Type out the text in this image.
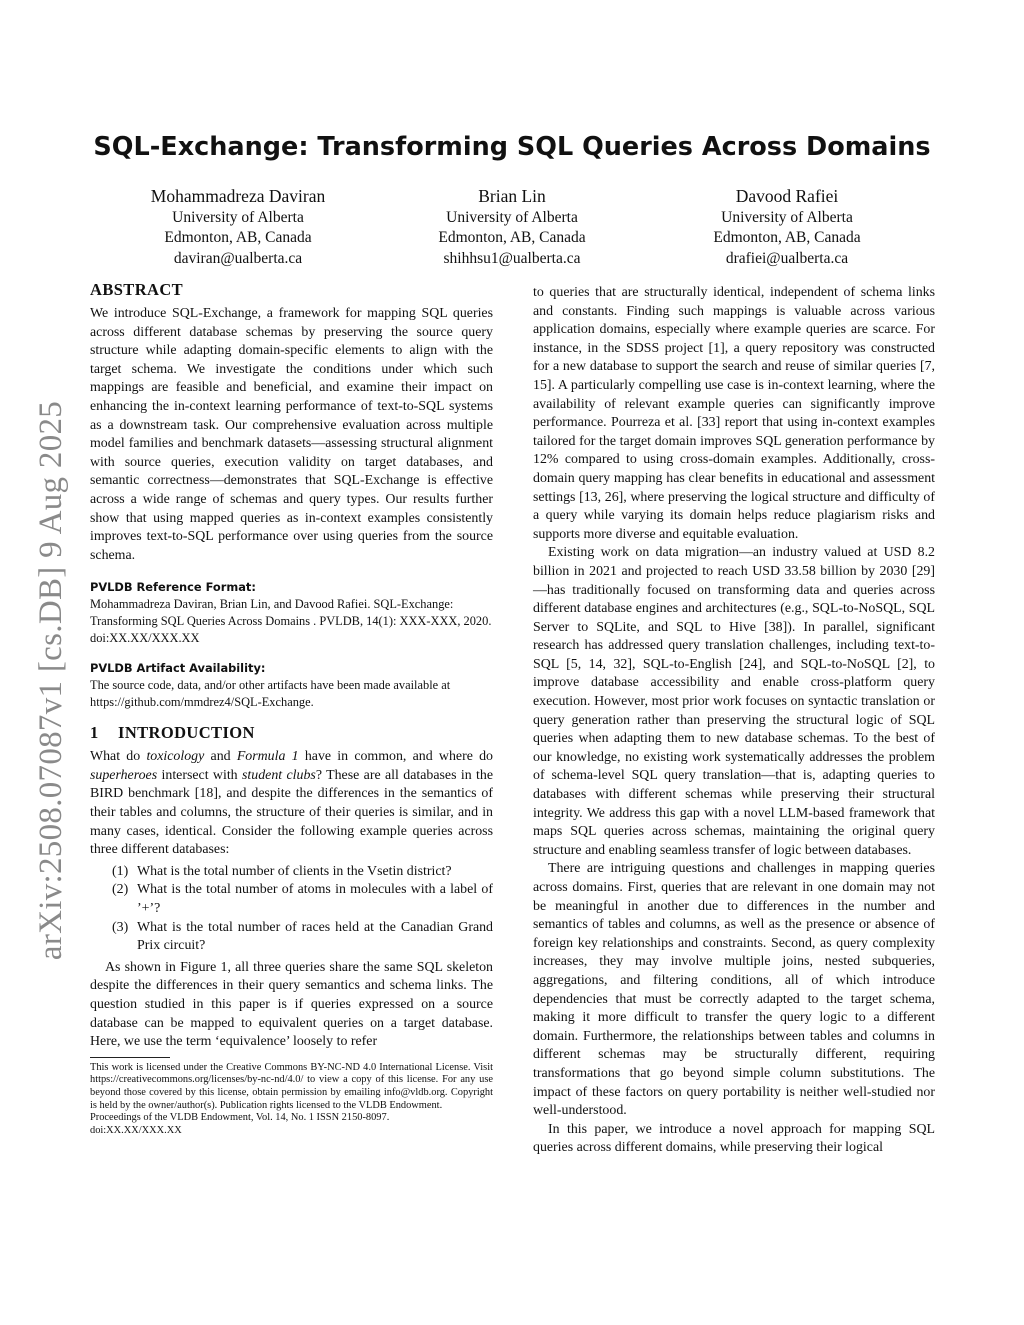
arXiv:2508.07087v1 [cs.DB] 9 Aug 2025
SQL-Exchange: Transforming SQL Queries Across Domains
Mohammadreza Daviran
University of Alberta
Edmonton, AB, Canada
daviran@ualberta.ca
Brian Lin
University of Alberta
Edmonton, AB, Canada
shihhsu1@ualberta.ca
Davood Rafiei
University of Alberta
Edmonton, AB, Canada
drafiei@ualberta.ca
ABSTRACT

We introduce SQL-Exchange, a framework for mapping SQL queries across different database schemas by preserving the source query structure while adapting domain-specific elements to align with the target schema. We investigate the conditions under which such mappings are feasible and beneficial, and examine their impact on enhancing the in-context learning performance of text-to-SQL systems as a downstream task. Our comprehensive evaluation across multiple model families and benchmark datasets—assessing structural alignment with source queries, execution validity on target databases, and semantic correctness—demonstrates that SQL-Exchange is effective across a wide range of schemas and query types. Our results further show that using mapped queries as in-context examples consistently improves text-to-SQL performance over using queries from the source schema.

PVLDB Reference Format:
Mohammadreza Daviran, Brian Lin, and Davood Rafiei. SQL-Exchange: Transforming SQL Queries Across Domains . PVLDB, 14(1): XXX-XXX, 2020.
doi:XX.XX/XXX.XX
PVLDB Artifact Availability:
The source code, data, and/or other artifacts have been made available at https://github.com/mmdrez4/SQL-Exchange.
1 INTRODUCTION

What do toxicology and Formula 1 have in common, and where do superheroes intersect with student clubs? These are all databases in the BIRD benchmark [18], and despite the differences in the semantics of their tables and columns, the structure of their queries is similar, and in many cases, identical. Consider the following example queries across three different databases:

(1) What is the total number of clients in the Vsetin district?
(2) What is the total number of atoms in molecules with a label of ’+’?
(3) What is the total number of races held at the Canadian Grand Prix circuit?

As shown in Figure 1, all three queries share the same SQL skeleton despite the differences in their query semantics and schema links. The question studied in this paper is if queries expressed on a source database can be mapped to equivalent queries on a target database. Here, we use the term ‘equivalence’ loosely to refer

This work is licensed under the Creative Commons BY-NC-ND 4.0 International License. Visit https://creativecommons.org/licenses/by-nc-nd/4.0/ to view a copy of this license. For any use beyond those covered by this license, obtain permission by emailing info@vldb.org. Copyright is held by the owner/author(s). Publication rights licensed to the VLDB Endowment.
Proceedings of the VLDB Endowment, Vol. 14, No. 1 ISSN 2150-8097.
doi:XX.XX/XXX.XX

to queries that are structurally identical, independent of schema links and constants. Finding such mappings is valuable across various application domains, especially where example queries are scarce. For instance, in the SDSS project [1], a query repository was constructed for a new database to support the search and reuse of similar queries [7, 15]. A particularly compelling use case is in-context learning, where the availability of relevant example queries can significantly improve performance. Pourreza et al. [33] report that using in-context examples tailored for the target domain improves SQL generation performance by 12% compared to using cross-domain examples. Additionally, cross-domain query mapping has clear benefits in educational and assessment settings [13, 26], where preserving the logical structure and difficulty of a query while varying its domain helps reduce plagiarism risks and supports more diverse and equitable evaluation.

Existing work on data migration—an industry valued at USD 8.2 billion in 2021 and projected to reach USD 33.58 billion by 2030 [29]—has traditionally focused on transforming data and queries across different database engines and architectures (e.g., SQL-to-NoSQL, SQL Server to SQLite, and SQL to Hive [38]). In parallel, significant research has addressed query translation challenges, including text-to-SQL [5, 14, 32], SQL-to-English [24], and SQL-to-NoSQL [2], to improve database accessibility and enable cross-platform query execution. However, most prior work focuses on syntactic translation or query generation rather than preserving the structural logic of SQL queries when adapting them to new database schemas. To the best of our knowledge, no existing work systematically addresses the problem of schema-level SQL query translation—that is, adapting queries to databases with different schemas while preserving their structural integrity. We address this gap with a novel LLM-based framework that maps SQL queries across schemas, maintaining the original query structure and enabling seamless transfer of logic between databases.

There are intriguing questions and challenges in mapping queries across domains. First, queries that are relevant in one domain may not be meaningful in another due to differences in the number and semantics of tables and columns, as well as the presence or absence of foreign key relationships and constraints. Second, as query complexity increases, they may involve multiple joins, nested subqueries, aggregations, and filtering conditions, all of which introduce dependencies that must be correctly adapted to the target schema, making it more difficult to transfer the query logic to a different domain. Furthermore, the relationships between tables and columns in different schemas may be structurally different, requiring transformations that go beyond simple column substitutions. The impact of these factors on query portability is neither well-studied nor well-understood.

In this paper, we introduce a novel approach for mapping SQL queries across different domains, while preserving their logical
